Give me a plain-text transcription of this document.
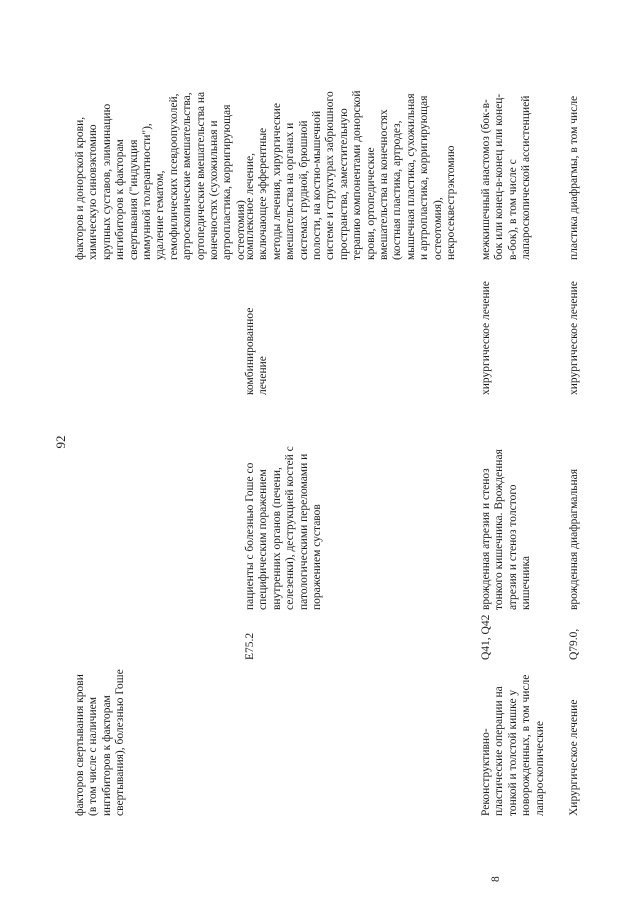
92
факторов свертывания крови
(в том числе с наличием
ингибиторов к факторам
свертывания), болезнью Гоше
факторов и донорской крови,
химическую синовэктомию
крупных суставов, элиминацию
ингибиторов к факторам
свертывания ("индукция
иммунной толерантности"),
удаление гематом,
гемофилических псевдоопухолей,
артроскопические вмешательства,
ортопедические вмешательства на
конечностях (сухожильная и
артропластика, корригирующая
остеотомия)
E75.2
пациенты с болезнью Гоше со
специфическим поражением
внутренних органов (печени,
селезенки), деструкцией костей с
патологическими переломами и
поражением суставов
комбинированное
лечение
комплексное лечение,
включающее эфферентные
методы лечения, хирургические
вмешательства на органах и
системах грудной, брюшной
полости, на костно-мышечной
системе и структурах забрюшного
пространства, заместительную
терапию компонентами донорской
крови, ортопедические
вмешательства на конечностях
(костная пластика, артродез,
мышечная пластика, сухожильная
и артропластика, корригирующая
остеотомия),
некросеквестрэктомию
8
Реконструктивно-
пластические операции на
тонкой и толстой кишке у
новорожденных, в том числе
лапароскопические
Q41, Q42
врожденная атрезия и стеноз
тонкого кишечника. Врожденная
атрезия и стеноз толстого
кишечника
хирургическое лечение
межкишечный анастомоз (бок-в-
бок или конец-в-конец или конец-
в-бок), в том числе с
лапароскопической ассистенцией
Хирургическое лечение
Q79.0,
врожденная диафрагмальная
хирургическое лечение
пластика диафрагмы, в том числе
